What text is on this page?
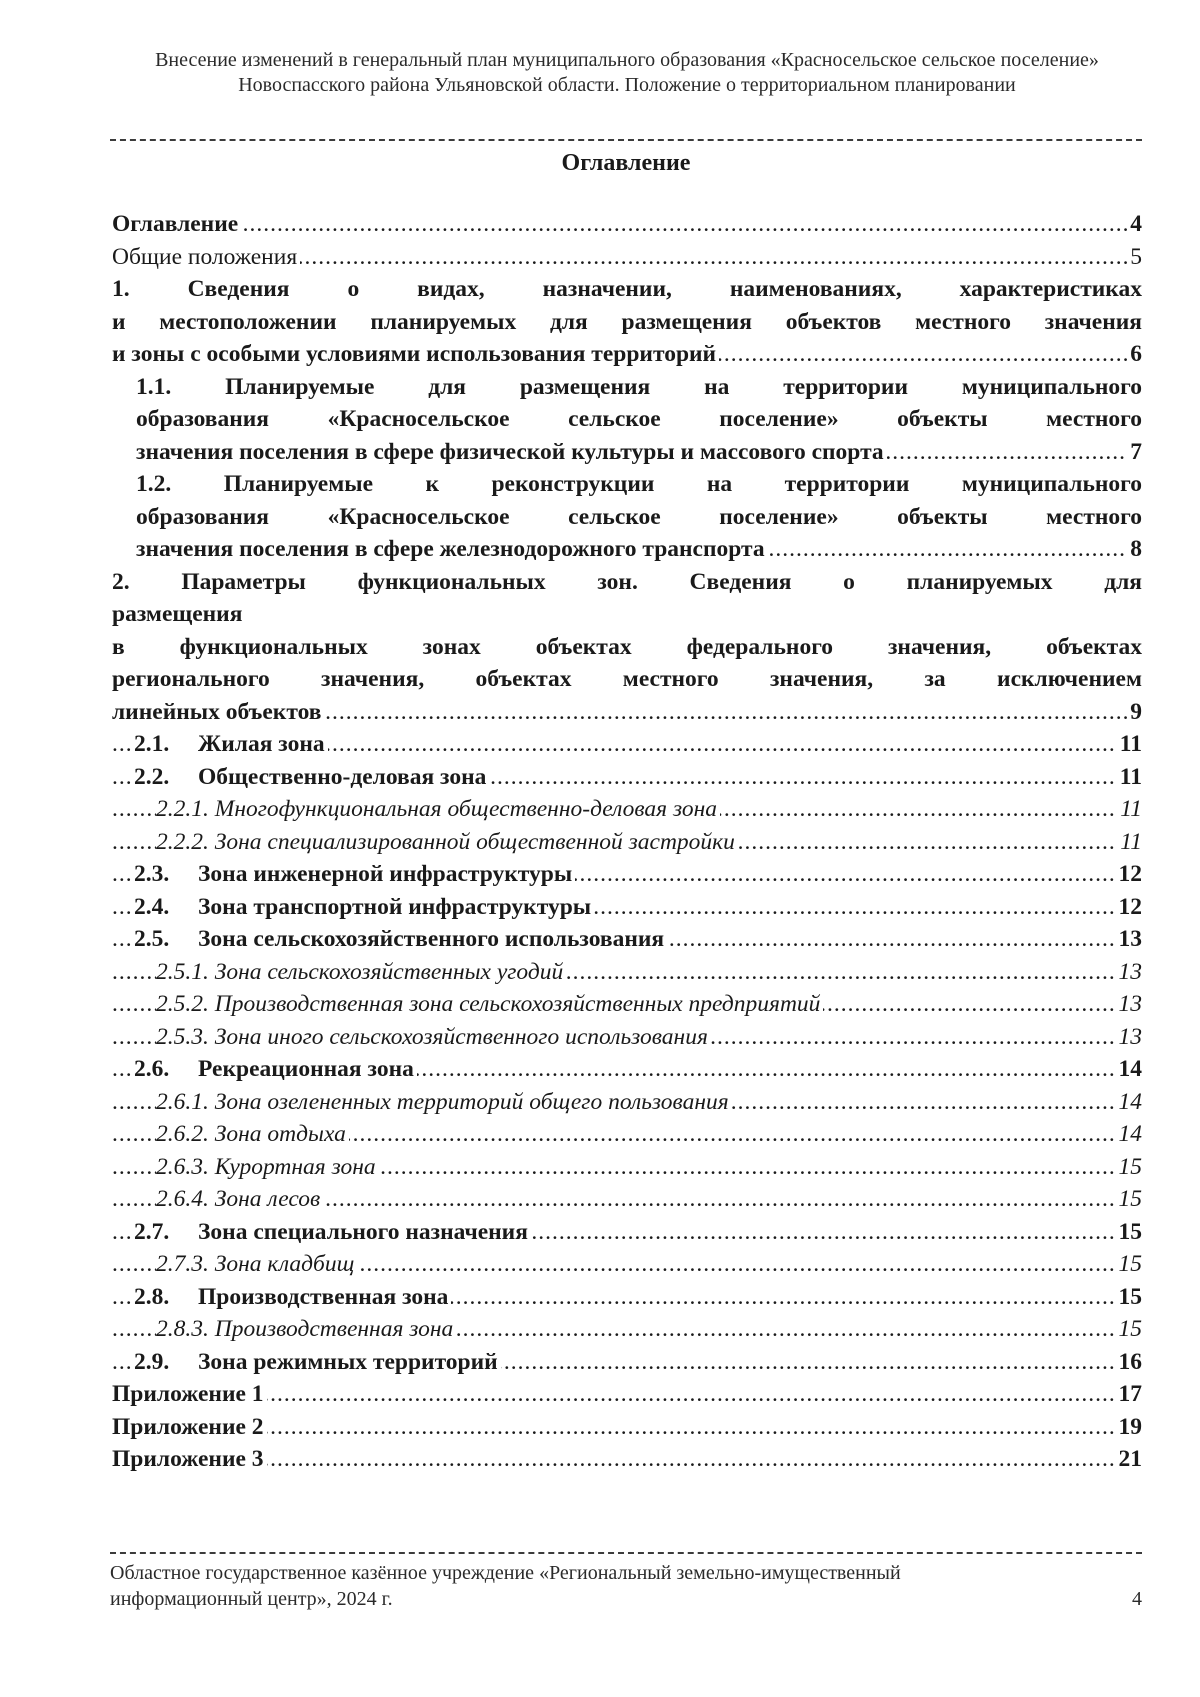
Внесение изменений в генеральный план муниципального образования «Красносельское сельское поселение» Новоспасского района Ульяновской области. Положение о территориальном планировании
Оглавление
Оглавление	4
.....
Общие положения	5
.....
1. Сведения о видах, назначении, наименованиях, характеристиках
и местоположении планируемых для размещения объектов местного значения
и зоны с особыми условиями использования территорий	6
.....
1.1. Планируемые для размещения на территории муниципального
образования «Красносельское сельское поселение» объекты местного
значения поселения в сфере физической культуры и массового спорта	7
.....
1.2. Планируемые к реконструкции на территории муниципального
образования «Красносельское сельское поселение» объекты местного
значения поселения в сфере железнодорожного транспорта	8
.....
2. Параметры функциональных зон. Сведения о планируемых для
размещения
в функциональных зонах объектах федерального значения, объектах
регионального значения, объектах местного значения, за исключением
линейных объектов	9
.....
2.1. Жилая зона	11
.....
2.2. Общественно-деловая зона	11
.....
2.2.1. Многофункциональная общественно-деловая зона	11
.....
2.2.2. Зона специализированной общественной застройки	11
.....
2.3. Зона инженерной инфраструктуры	12
.....
2.4. Зона транспортной инфраструктуры	12
.....
2.5. Зона сельскохозяйственного использования	13
.....
2.5.1. Зона сельскохозяйственных угодий	13
.....
2.5.2. Производственная зона сельскохозяйственных предприятий	13
.....
2.5.3. Зона иного сельскохозяйственного использования	13
.....
2.6. Рекреационная зона	14
.....
2.6.1. Зона озелененных территорий общего пользования	14
.....
2.6.2. Зона отдыха	14
.....
2.6.3. Курортная зона	15
.....
2.6.4. Зона лесов	15
.....
2.7. Зона специального назначения	15
.....
2.7.3. Зона кладбищ	15
.....
2.8. Производственная зона	15
.....
2.8.3. Производственная зона	15
.....
2.9. Зона режимных территорий	16
.....
Приложение 1	17
.....
Приложение 2	19
.....
Приложение 3	21
.....
Областное государственное казённое учреждение «Региональный земельно-имущественный
информационный центр», 2024 г.	4
